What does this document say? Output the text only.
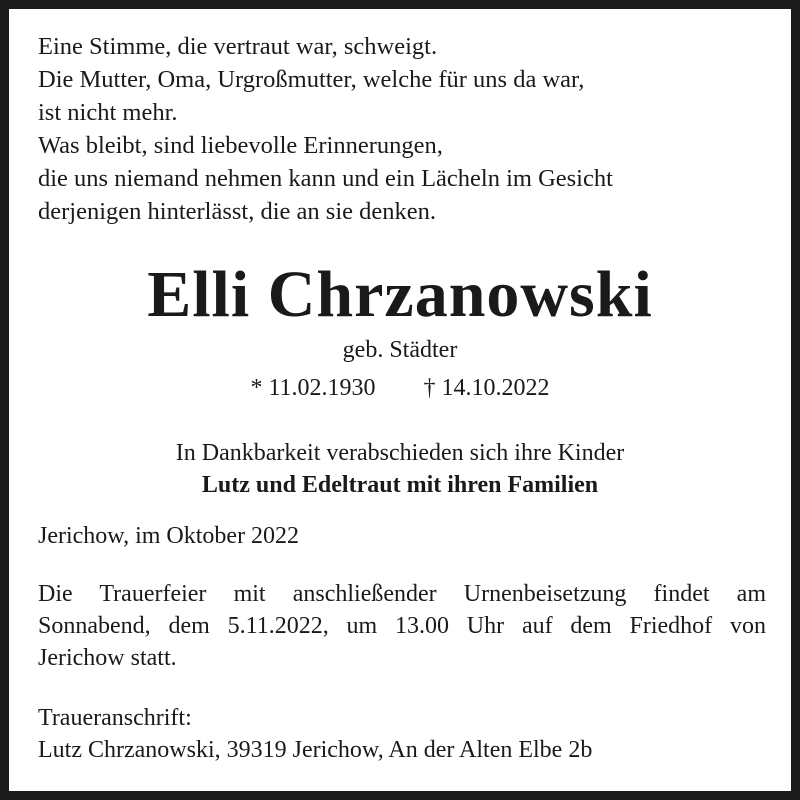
Eine Stimme, die vertraut war, schweigt.
Die Mutter, Oma, Urgroßmutter, welche für uns da war,
ist nicht mehr.
Was bleibt, sind liebevolle Erinnerungen,
die uns niemand nehmen kann und ein Lächeln im Gesicht
derjenigen hinterlässt, die an sie denken.
Elli Chrzanowski
geb. Städter
* 11.02.1930 † 14.10.2022
In Dankbarkeit verabschieden sich ihre Kinder
Lutz und Edeltraut mit ihren Familien
Jerichow, im Oktober 2022
Die Trauerfeier mit anschließender Urnenbeisetzung findet am
Sonnabend, dem 5.11.2022, um 13.00 Uhr auf dem Friedhof von
Jerichow statt.
Traueranschrift:
Lutz Chrzanowski, 39319 Jerichow, An der Alten Elbe 2b
